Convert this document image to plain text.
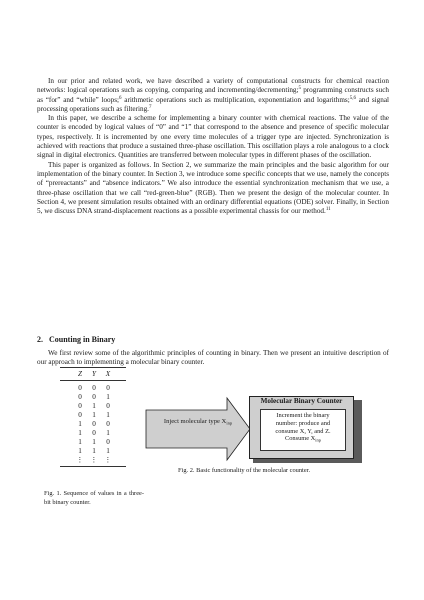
In our prior and related work, we have described a variety of computational constructs for chemical reaction networks: logical operations such as copying, comparing and incrementing/decrementing;$^5$ programming constructs such as “for” and “while” loops;$^6$ arithmetic operations such as multiplication, exponentiation and logarithms;$^{5,6}$ and signal processing operations such as filtering.$^7$

In this paper, we describe a scheme for implementing a binary counter with chemical reactions. The value of the counter is encoded by logical values of “0” and “1” that correspond to the absence and presence of specific molecular types, respectively. It is incremented by one every time molecules of a trigger type are injected. Synchronization is achieved with reactions that produce a sustained three-phase oscillation. This oscillation plays a role analogous to a clock signal in digital electronics. Quantities are transferred between molecular types in different phases of the oscillation.

This paper is organized as follows. In Section 2, we summarize the main principles and the basic algorithm for our implementation of the binary counter. In Section 3, we introduce some specific concepts that we use, namely the concepts of “prereactants” and “absence indicators.” We also introduce the essential synchronization mechanism that we use, a three-phase oscillation that we call “red-green-blue” (RGB). Then we present the design of the molecular counter. In Section 4, we present simulation results obtained with an ordinary differential equations (ODE) solver. Finally, in Section 5, we discuss DNA strand-displacement reactions as a possible experimental chassis for our method.$^{11}$

2. Counting in Binary

We first review some of the algorithmic principles of counting in binary. Then we present an intuitive description of our approach to implementing a molecular binary counter.

Z	Y	X
0	0	0
0	0	1
0	1	0
0	1	1
1	0	0
1	0	1
1	1	0
1	1	1
⋮ ⋮ ⋮
Fig. 1. Sequence of values in a three-bit binary counter.
Inject molecular type $X_{inp}$
Molecular Binary Counter
Increment the binary
number: produce and
consume X, Y, and Z.
Consume $X_{inp}$
Fig. 2. Basic functionality of the molecular counter.
